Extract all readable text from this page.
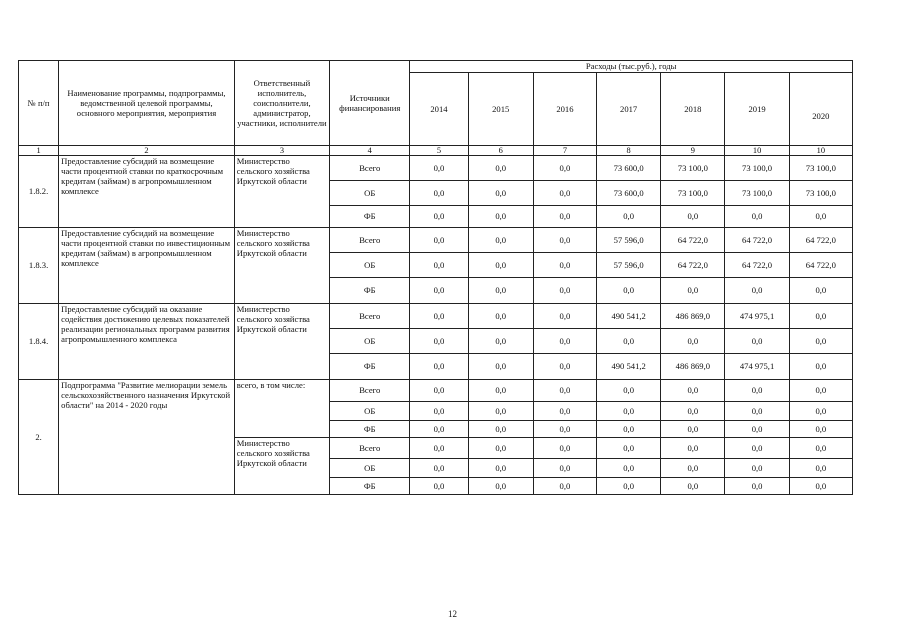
№ п/п	Наименование программы, подпрограммы, ведомственной целевой программы, основного мероприятия, мероприятия	Ответственный исполнитель, соисполнители, администратор, участники, исполнители	Источники финансирования	Расходы (тыс.руб.), годы						
				2014	2015	2016	2017	2018	2019	2020
1	2	3	4	5	6	7	8	9	10	10
1.8.2.	Предоставление субсидий на возмещение части процентной ставки по краткосрочным кредитам (займам) в агропромышленном комплексе	Министерство сельского хозяйства Иркутской области	Всего	0,0	0,0	0,0	73 600,0	73 100,0	73 100,0	73 100,0
			ОБ	0,0	0,0	0,0	73 600,0	73 100,0	73 100,0	73 100,0
			ФБ	0,0	0,0	0,0	0,0	0,0	0,0	0,0
1.8.3.	Предоставление субсидий на возмещение части процентной ставки по инвестиционным кредитам (займам) в агропромышленном комплексе	Министерство сельского хозяйства Иркутской области	Всего	0,0	0,0	0,0	57 596,0	64 722,0	64 722,0	64 722,0
			ОБ	0,0	0,0	0,0	57 596,0	64 722,0	64 722,0	64 722,0
			ФБ	0,0	0,0	0,0	0,0	0,0	0,0	0,0
1.8.4.	Предоставление субсидий на оказание содействия достижению целевых показателей реализации региональных программ развития агропромышленного комплекса	Министерство сельского хозяйства Иркутской области	Всего	0,0	0,0	0,0	490 541,2	486 869,0	474 975,1	0,0
			ОБ	0,0	0,0	0,0	0,0	0,0	0,0	0,0
			ФБ	0,0	0,0	0,0	490 541,2	486 869,0	474 975,1	0,0
2.	Подпрограмма "Развитие мелиорации земель сельскохозяйственного назначения Иркутской области" на 2014 - 2020 годы	всего, в том числе:	Всего	0,0	0,0	0,0	0,0	0,0	0,0	0,0
			ОБ	0,0	0,0	0,0	0,0	0,0	0,0	0,0
			ФБ	0,0	0,0	0,0	0,0	0,0	0,0	0,0
		Министерство сельского хозяйства Иркутской области	Всего	0,0	0,0	0,0	0,0	0,0	0,0	0,0
			ОБ	0,0	0,0	0,0	0,0	0,0	0,0	0,0
			ФБ	0,0	0,0	0,0	0,0	0,0	0,0	0,0
12
